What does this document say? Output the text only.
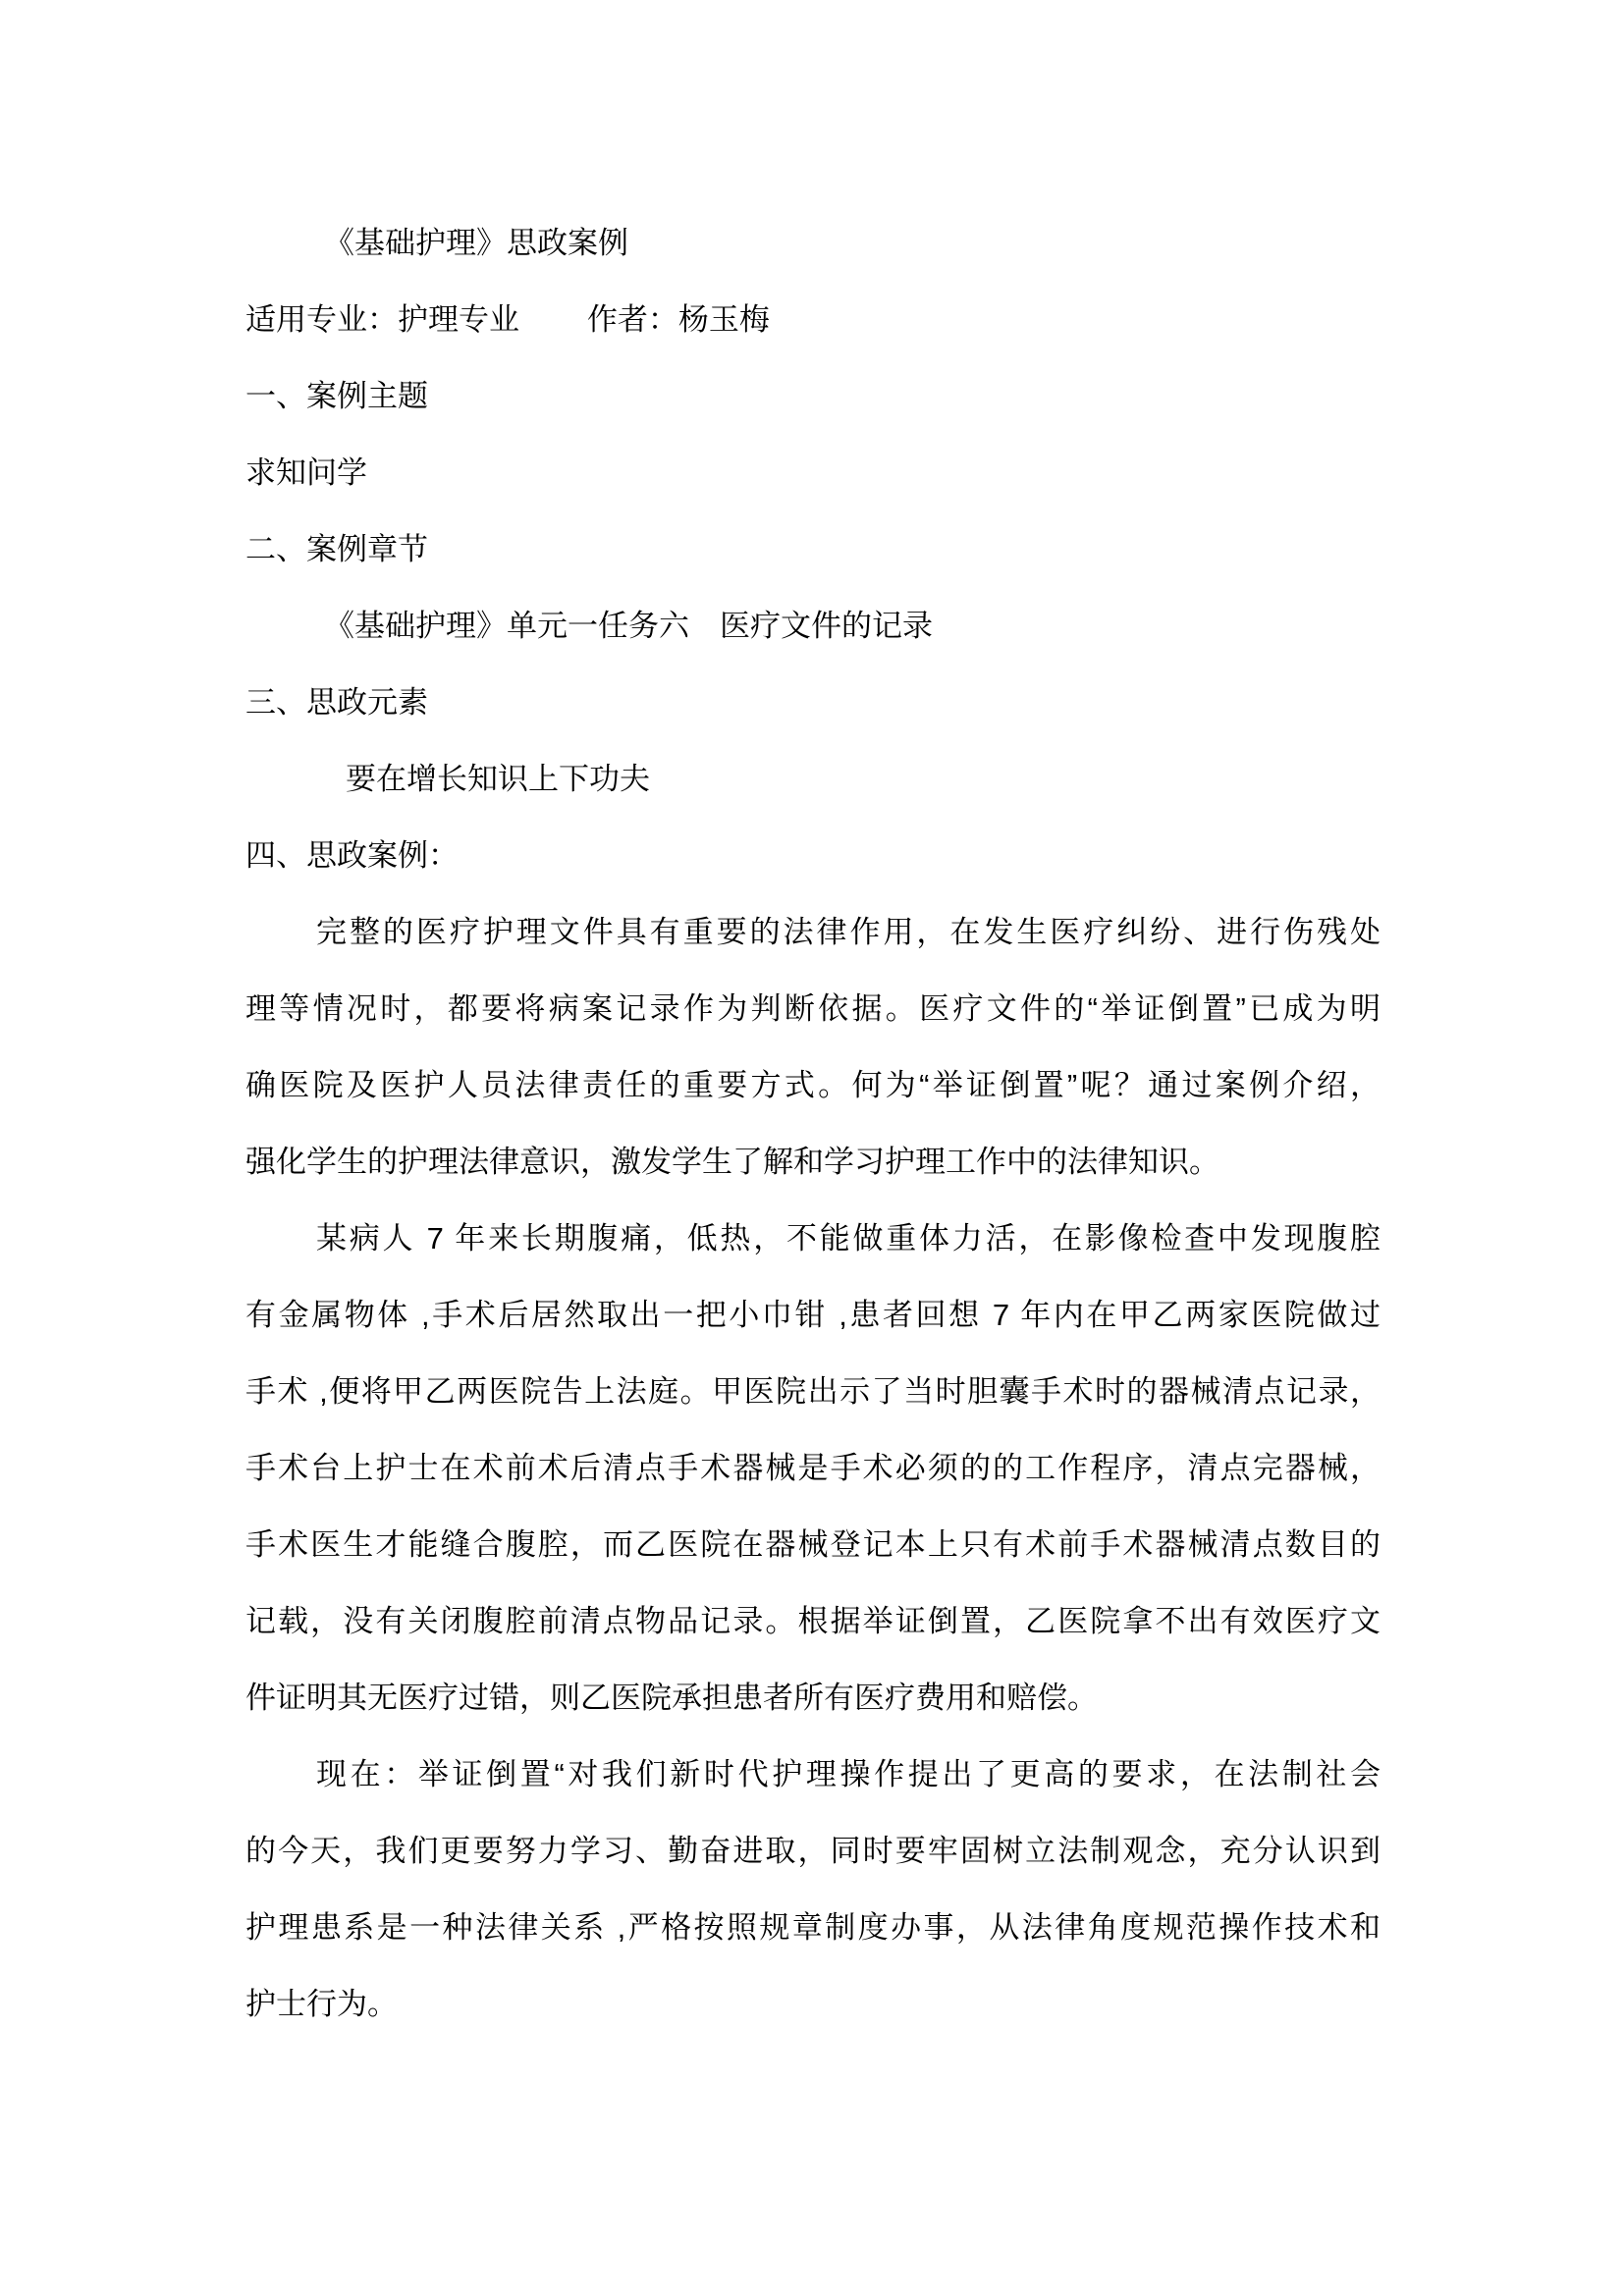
《基础护理》思政案例
适用专业：护理专业        作者：杨玉梅
一、案例主题
求知问学
二、案例章节
《基础护理》单元一任务六　医疗文件的记录
三、思政元素
要在增长知识上下功夫
四、思政案例：
完整的医疗护理文件具有重要的法律作用，在发生医疗纠纷、进行伤残处
理等情况时，都要将病案记录作为判断依据。医疗文件的“举证倒置”已成为明
确医院及医护人员法律责任的重要方式。何为“举证倒置”呢？通过案例介绍，
强化学生的护理法律意识，激发学生了解和学习护理工作中的法律知识。
某病人 7 年来长期腹痛，低热，不能做重体力活，在影像检查中发现腹腔
有金属物体 ,手术后居然取出一把小巾钳 ,患者回想 7 年内在甲乙两家医院做过
手术 ,便将甲乙两医院告上法庭。甲医院出示了当时胆囊手术时的器械清点记录，
手术台上护士在术前术后清点手术器械是手术必须的的工作程序，清点完器械，
手术医生才能缝合腹腔，而乙医院在器械登记本上只有术前手术器械清点数目的
记载，没有关闭腹腔前清点物品记录。根据举证倒置，乙医院拿不出有效医疗文
件证明其无医疗过错，则乙医院承担患者所有医疗费用和赔偿。
现在：举证倒置“对我们新时代护理操作提出了更高的要求，在法制社会
的今天，我们更要努力学习、勤奋进取，同时要牢固树立法制观念，充分认识到
护理患系是一种法律关系 ,严格按照规章制度办事，从法律角度规范操作技术和
护士行为。
